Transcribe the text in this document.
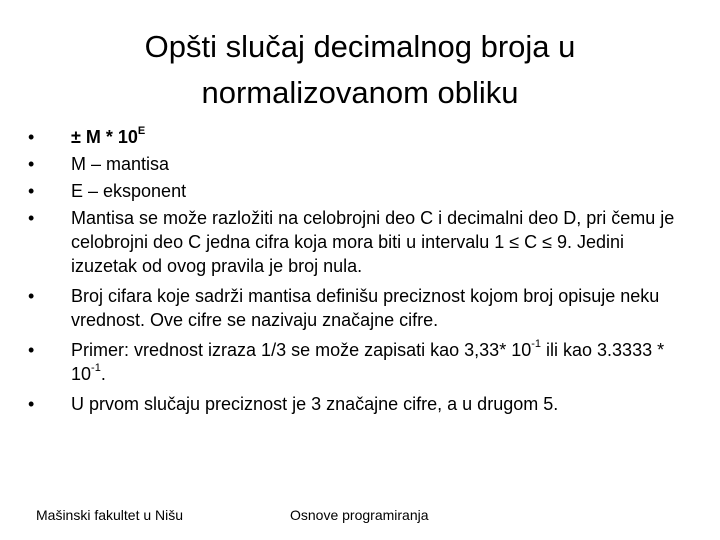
Opšti slučaj decimalnog broja u normalizovanom obliku
•	± M * $10^E$
•	M – mantisa
•	E – eksponent
•	Mantisa se može razložiti na celobrojni deo C i decimalni deo D, pri čemu je celobrojni deo C jedna cifra koja mora biti u intervalu 1 ≤ C ≤ 9. Jedini izuzetak od ovog pravila je broj nula.
•	Broj cifara koje sadrži mantisa definišu preciznost kojom broj opisuje neku vrednost. Ove cifre se nazivaju značajne cifre.
•	Primer: vrednost izraza 1/3 se može zapisati kao 3,33* $10^{-1}$ ili kao $3.3333 * 10^{-1}$.
•	U prvom slučaju preciznost je 3 značajne cifre, a u drugom 5.
Mašinski fakultet u Nišu	Osnove programiranja
